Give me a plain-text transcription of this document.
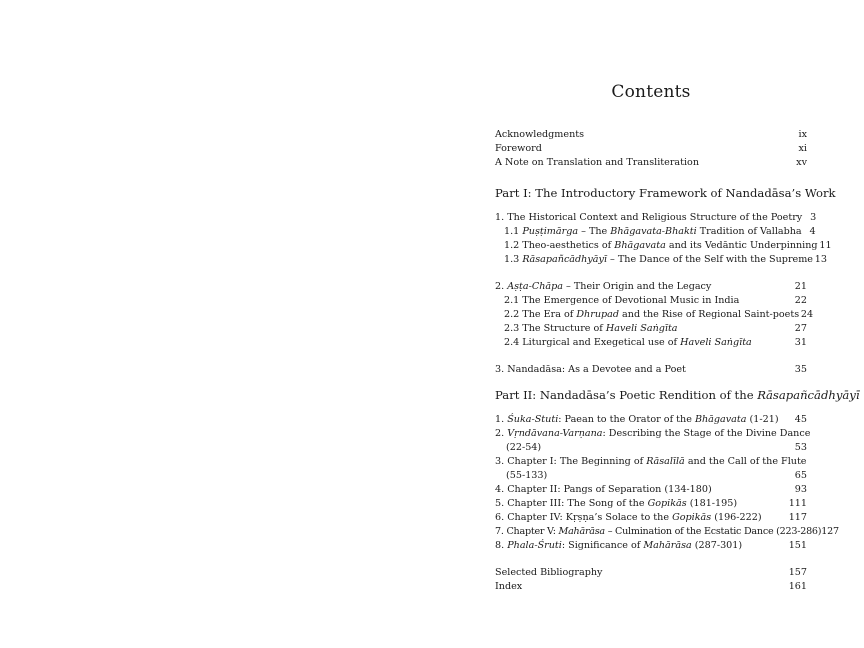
Contents
Acknowledgments	ix
Foreword	xi
A Note on Translation and Transliteration	xv
Part I: The Introductory Framework of Nandadāsa’s Work
1. The Historical Context and Religious Structure of the Poetry 3
1.1 Puṣṭimārga – The Bhāgavata-Bhakti Tradition of Vallabha 4
1.2 Theo-aesthetics of Bhāgavata and its Vedāntic Underpinning 11
1.3 Rāsapañcādhyāyī – The Dance of the Self with the Supreme 13
2. Aṣṭa-Chāpa – Their Origin and the Legacy	21
2.1 The Emergence of Devotional Music in India	22
2.2 The Era of Dhrupad and the Rise of Regional Saint-poets 24
2.3 The Structure of Haveli Saṅgīta	27
2.4 Liturgical and Exegetical use of Haveli Saṅgīta	31
3. Nandadāsa: As a Devotee and a Poet	35
Part II: Nandadāsa’s Poetic Rendition of the Rāsapañcādhyāyī
1. Śuka-Stuti: Paean to the Orator of the Bhāgavata (1-21) 45
2. Vṛndāvana-Varṇana: Describing the Stage of the Divine Dance
(22-54)	53
3. Chapter I: The Beginning of Rāsalīlā and the Call of the Flute
(55-133)	65
4. Chapter II: Pangs of Separation (134-180)	93
5. Chapter III: The Song of the Gopikās (181-195)	111
6. Chapter IV: Kṛṣṇa’s Solace to the Gopikās (196-222)	117
7. Chapter V: Mahārāsa – Culmination of the Ecstatic Dance (223-286) 127
8. Phala-Śruti: Significance of Mahārāsa (287-301)	151
Selected Bibliography	157
Index	161
